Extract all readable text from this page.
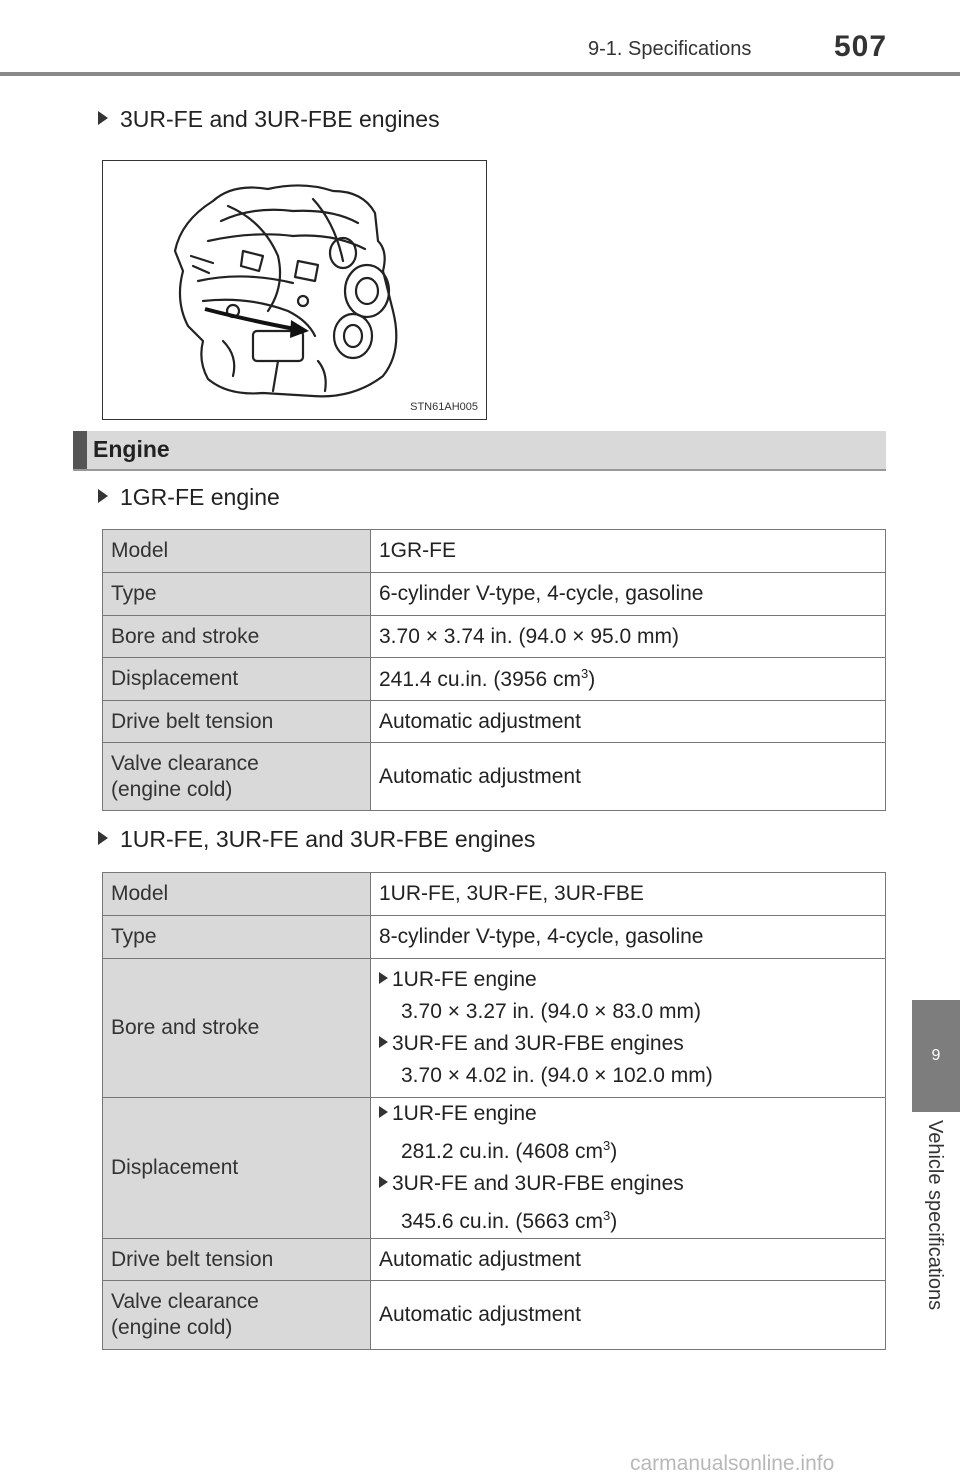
9-1. Specifications	507
9
Vehicle specifications
3UR-FE and 3UR-FBE engines
STN61AH005
Engine
1GR-FE engine
Model	1GR-FE
Type	6-cylinder V-type, 4-cycle, gasoline
Bore and stroke	3.70 × 3.74 in. (94.0 × 95.0 mm)
Displacement	241.4 cu.in. (3956 $cm^3$)
Drive belt tension	Automatic adjustment

Valve clearance
(engine cold)	Automatic adjustment
1UR-FE, 3UR-FE and 3UR-FBE engines
Model	1UR-FE, 3UR-FE, 3UR-FBE
Type	8-cylinder V-type, 4-cycle, gasoline
Bore and stroke	1UR-FE engine
3.70 × 3.27 in. (94.0 × 83.0 mm)
3UR-FE and 3UR-FBE engines
3.70 × 4.02 in. (94.0 × 102.0 mm)

Displacement	1UR-FE engine
281.2 cu.in. (4608 $cm^3$)
3UR-FE and 3UR-FBE engines
345.6 cu.in. (5663 $cm^3$)

Drive belt tension	Automatic adjustment

Valve clearance
(engine cold)	Automatic adjustment
carmanualsonline.info
